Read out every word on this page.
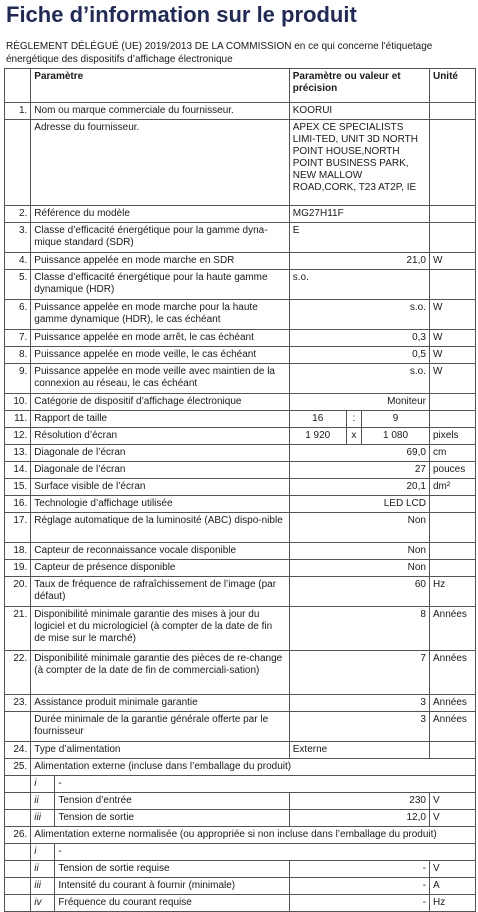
Fiche d’information sur le produit
RÈGLEMENT DÉLÉGUÉ (UE) 2019/2013 DE LA COMMISSION en ce qui concerne l'étiquetage énergétique des dispositifs d’affichage électronique
	Paramètre		Paramètre ou valeur et précision			Unité
1.	Nom ou marque commerciale du fournisseur.		KOORUI			
	Adresse du fournisseur.		APEX CE SPECIALISTS LIMI-TED, UNIT 3D NORTH POINT HOUSE,NORTH POINT BUSINESS PARK, NEW MALLOW ROAD,CORK, T23 AT2P, IE			
2.	Référence du modèle		MG27H11F			
3.	Classe d’efficacité énergétique pour la gamme dyna-mique standard (SDR)		E			
4.	Puissance appelée en mode marche en SDR		21,0			W
5.	Classe d’efficacité énergétique pour la haute gamme dynamique (HDR)		s.o.			
6.	Puissance appelée en mode marche pour la haute gamme dynamique (HDR), le cas échéant		s.o.			W
7.	Puissance appelée en mode arrêt, le cas échéant		0,3			W
8.	Puissance appelée en mode veille, le cas échéant		0,5			W
9.	Puissance appelée en mode veille avec maintien de la connexion au réseau, le cas échéant		s.o.			W
10.	Catégorie de dispositif d’affichage électronique		Moniteur			
11.	Rapport de taille		16	:	9	
12.	Résolution d’écran		1 920	x	1 080	pixels
13.	Diagonale de l’écran		69,0			cm
14.	Diagonale de l’écran		27			pouces
15.	Surface visible de l’écran		20,1			dm²
16.	Technologie d’affichage utilisée		LED LCD			
17.	Réglage automatique de la luminosité (ABC) dispo-nible		Non			
18.	Capteur de reconnaissance vocale disponible		Non			
19.	Capteur de présence disponible		Non			
20.	Taux de fréquence de rafraîchissement de l’image (par défaut)		60			Hz
21.	Disponibilité minimale garantie des mises à jour du logiciel et du micrologiciel (à compter de la date de fin de mise sur le marché)		8			Années
22.	Disponibilité minimale garantie des pièces de re-change (à compter de la date de fin de commerciali-sation)		7			Années
23.	Assistance produit minimale garantie		3			Années
	Durée minimale de la garantie générale offerte par le fournisseur		3			Années
24.	Type d’alimentation		Externe			
25.	Alimentation externe (incluse dans l’emballage du produit)					
	i	-				
	ii	Tension d’entrée	230			V
	iii	Tension de sortie	12,0			V
26.	Alimentation externe normalisée (ou appropriée si non incluse dans l’emballage du produit)					
	i	-				
	ii	Tension de sortie requise	-			V
	iii	Intensité du courant à fournir (minimale)	-			A
	iv	Fréquence du courant requise	-			Hz
